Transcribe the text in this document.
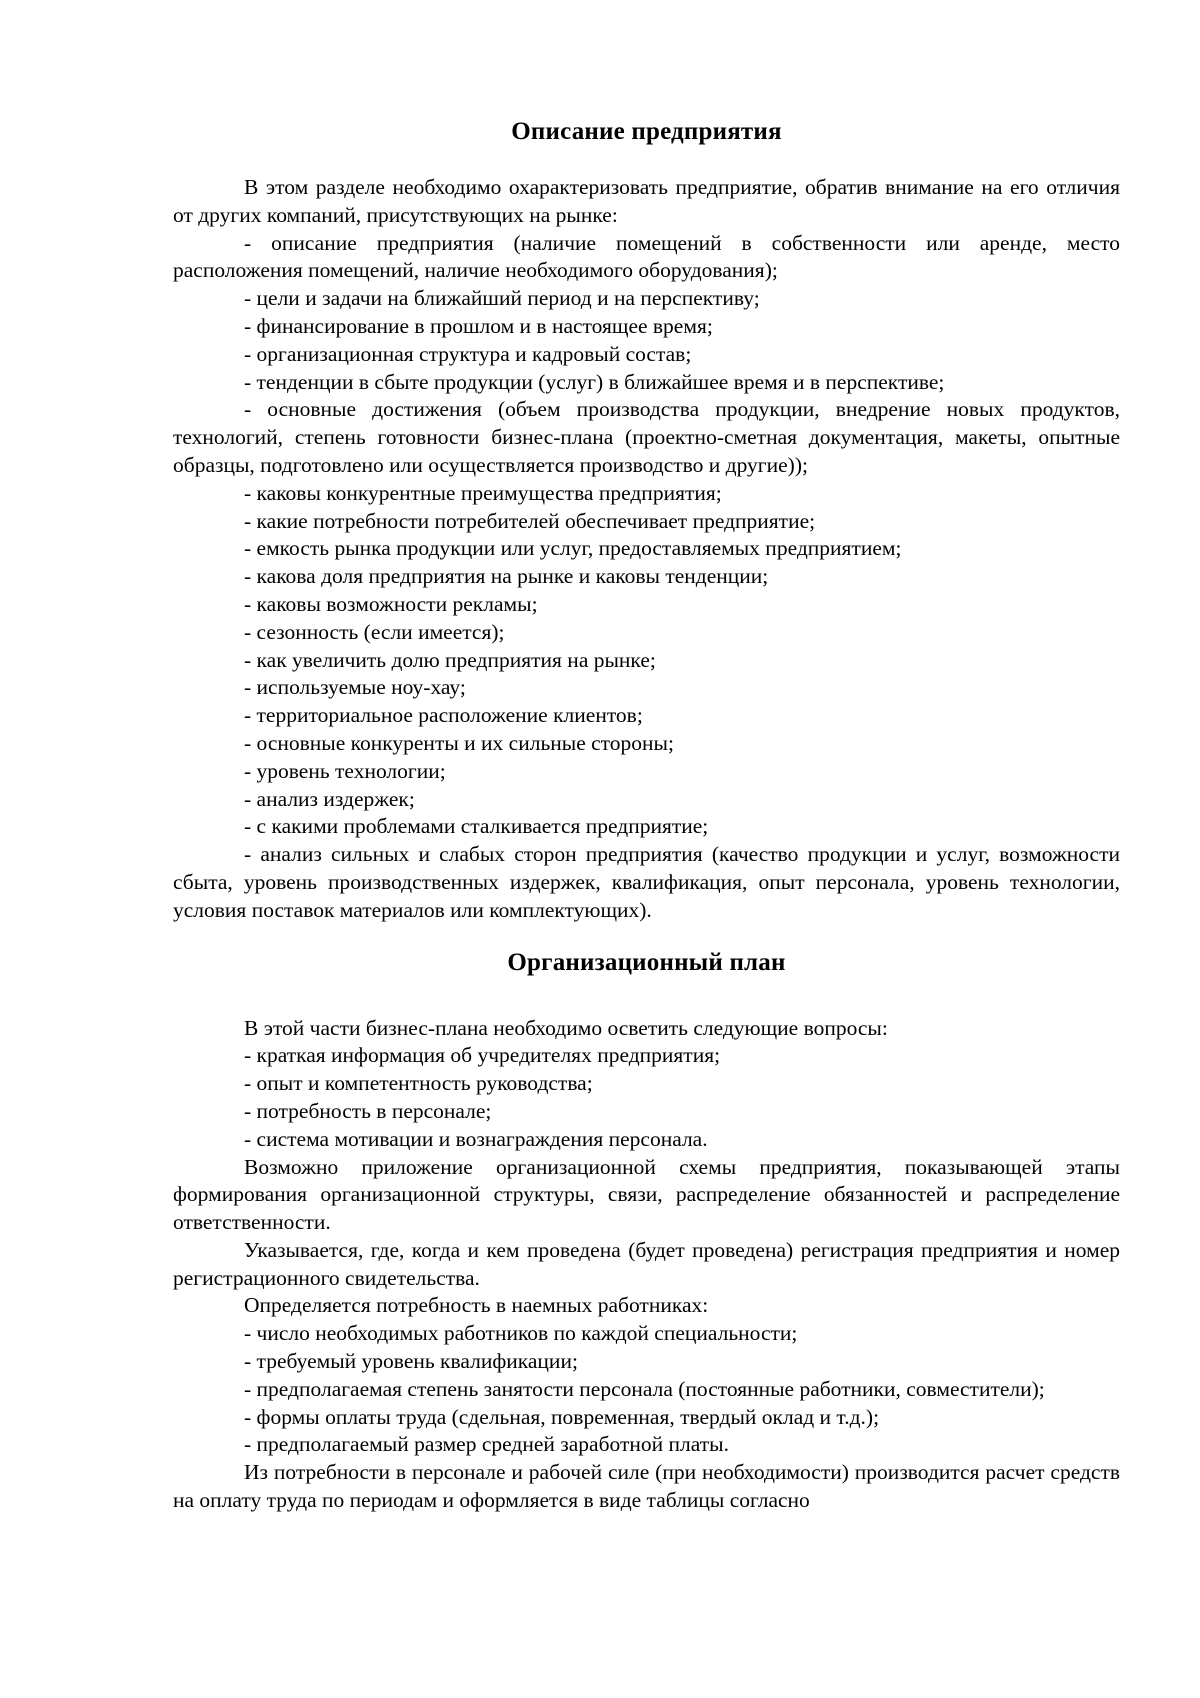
Описание предприятия

В этом разделе необходимо охарактеризовать предприятие, обратив внимание на его отличия от других компаний, присутствующих на рынке:

- описание предприятия (наличие помещений в собственности или аренде, место расположения помещений, наличие необходимого оборудования);

- цели и задачи на ближайший период и на перспективу;

- финансирование в прошлом и в настоящее время;

- организационная структура и кадровый состав;

- тенденции в сбыте продукции (услуг) в ближайшее время и в перспективе;

- основные достижения (объем производства продукции, внедрение новых продуктов, технологий, степень готовности бизнес-плана (проектно-сметная документация, макеты, опытные образцы, подготовлено или осуществляется производство и другие));

- каковы конкурентные преимущества предприятия;

- какие потребности потребителей обеспечивает предприятие;

- емкость рынка продукции или услуг, предоставляемых предприятием;

- какова доля предприятия на рынке и каковы тенденции;

- каковы возможности рекламы;

- сезонность (если имеется);

- как увеличить долю предприятия на рынке;

- используемые ноу-хау;

- территориальное расположение клиентов;

- основные конкуренты и их сильные стороны;

- уровень технологии;

- анализ издержек;

- с какими проблемами сталкивается предприятие;

- анализ сильных и слабых сторон предприятия (качество продукции и услуг, возможности сбыта, уровень производственных издержек, квалификация, опыт персонала, уровень технологии, условия поставок материалов или комплектующих).

Организационный план

В этой части бизнес-плана необходимо осветить следующие вопросы:

- краткая информация об учредителях предприятия;

- опыт и компетентность руководства;

- потребность в персонале;

- система мотивации и вознаграждения персонала.

Возможно приложение организационной схемы предприятия, показывающей этапы формирования организационной структуры, связи, распределение обязанностей и распределение ответственности.

Указывается, где, когда и кем проведена (будет проведена) регистрация предприятия и номер регистрационного свидетельства.

Определяется потребность в наемных работниках:

- число необходимых работников по каждой специальности;

- требуемый уровень квалификации;

- предполагаемая степень занятости персонала (постоянные работники, совместители);

- формы оплаты труда (сдельная, повременная, твердый оклад и т.д.);

- предполагаемый размер средней заработной платы.

Из потребности в персонале и рабочей силе (при необходимости) производится расчет средств на оплату труда по периодам и оформляется в виде таблицы согласно
